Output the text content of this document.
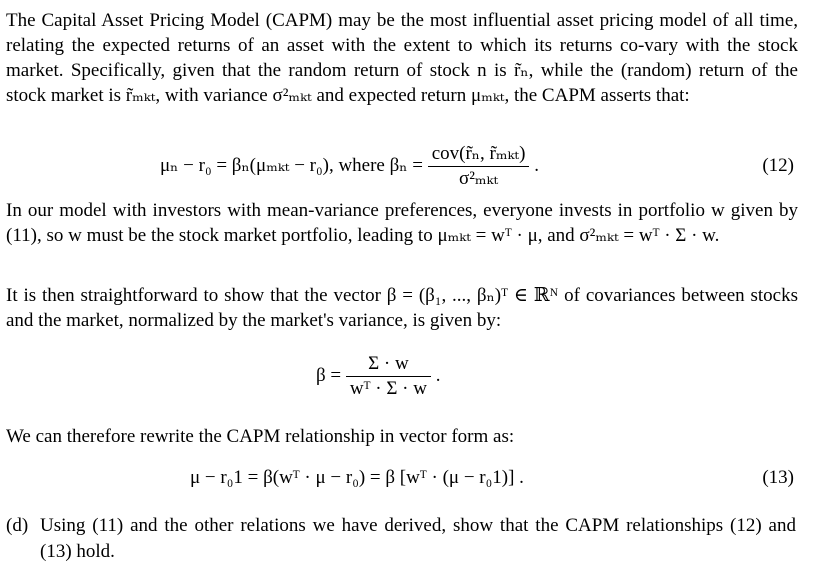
The Capital Asset Pricing Model (CAPM) may be the most influential asset pricing model of all time, relating the expected returns of an asset with the extent to which its returns co-vary with the stock market. Specifically, given that the random return of stock n is r̃ₙ, while the (random) return of the stock market is r̃ₘₖₜ, with variance σ²ₘₖₜ and expected return μₘₖₜ, the CAPM asserts that:
μₙ − r₀ = βₙ(μₘₖₜ − r₀), where $\beta_n = \frac{\text{cov(r̃ₙ, r̃ₘₖₜ)}}{\text{σ²ₘₖₜ}}$ .	(12)
In our model with investors with mean-variance preferences, everyone invests in portfolio w given by (11), so w must be the stock market portfolio, leading to μₘₖₜ = wᵀ · μ, and σ²ₘₖₜ = wᵀ · Σ · w.
It is then straightforward to show that the vector β = (β₁, ..., βₙ)ᵀ ∈ ℝᴺ of covariances between stocks and the market, normalized by the market's variance, is given by:
$\beta = \frac{\Sigma \cdot w}{\text{wᵀ · Σ · w}}$ .
We can therefore rewrite the CAPM relationship in vector form as:
μ − r₀1 = β(wᵀ · μ − r₀) = β [wᵀ · (μ − r₀1)] .	(13)
(d) Using (11) and the other relations we have derived, show that the CAPM relationships (12) and (13) hold.
